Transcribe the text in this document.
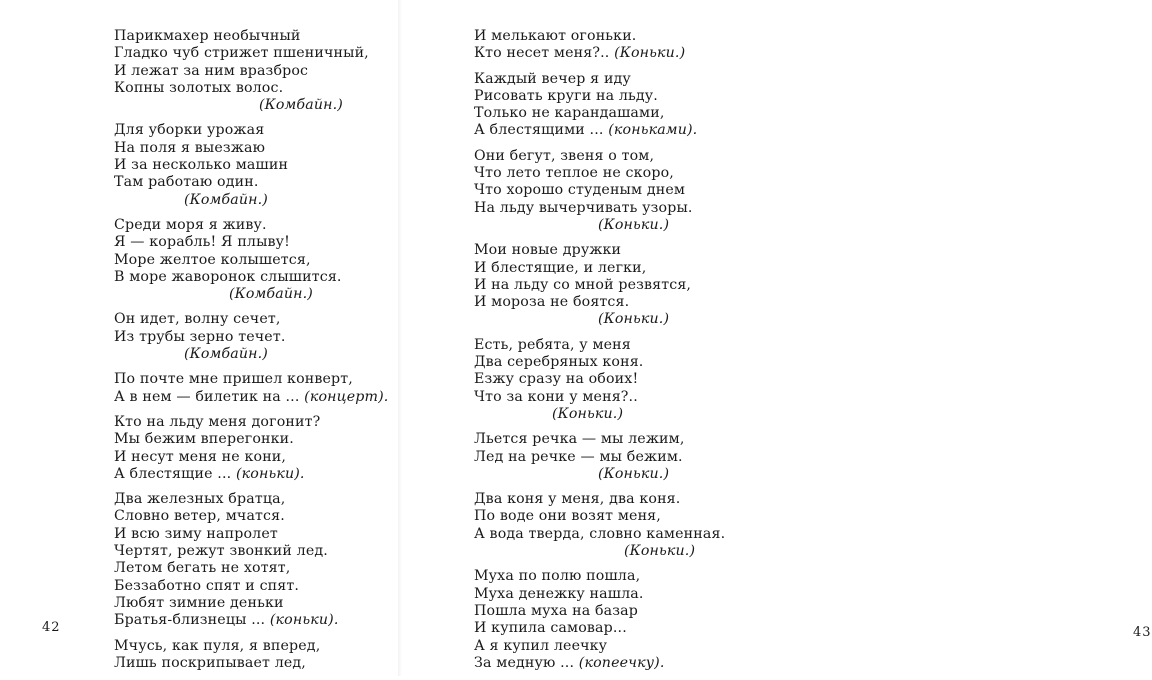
Парикмахер необычный
Гладко чуб стрижет пшеничный,
И лежат за ним вразброс
Копны золотых волос.
(Комбайн.)
Для уборки урожая
На поля я выезжаю
И за несколько машин
Там работаю один.
(Комбайн.)
Среди моря я живу.
Я — корабль! Я плыву!
Море желтое колышется,
В море жаворонок слышится.
(Комбайн.)
Он идет, волну сечет,
Из трубы зерно течет.
(Комбайн.)
По почте мне пришел конверт,
А в нем — билетик на ... (концерт).
Кто на льду меня догонит?
Мы бежим вперегонки.
И несут меня не кони,
А блестящие ... (коньки).
Два железных братца,
Словно ветер, мчатся.
И всю зиму напролет
Чертят, режут звонкий лед.
Летом бегать не хотят,
Беззаботно спят и спят.
Любят зимние деньки
Братья-близнецы ... (коньки).
Мчусь, как пуля, я вперед,
Лишь поскрипывает лед,
42
И мелькают огоньки.
Кто несет меня?.. (Коньки.)
Каждый вечер я иду
Рисовать круги на льду.
Только не карандашами,
А блестящими ... (коньками).
Они бегут, звеня о том,
Что лето теплое не скоро,
Что хорошо студеным днем
На льду вычерчивать узоры.
(Коньки.)
Мои новые дружки
И блестящие, и легки,
И на льду со мной резвятся,
И мороза не боятся.
(Коньки.)
Есть, ребята, у меня
Два серебряных коня.
Езжу сразу на обоих!
Что за кони у меня?..
(Коньки.)
Льется речка — мы лежим,
Лед на речке — мы бежим.
(Коньки.)
Два коня у меня, два коня.
По воде они возят меня,
А вода тверда, словно каменная.
(Коньки.)
Муха по полю пошла,
Муха денежку нашла.
Пошла муха на базар
И купила самовар...
А я купил леечку
За медную ... (копеечку).
43
